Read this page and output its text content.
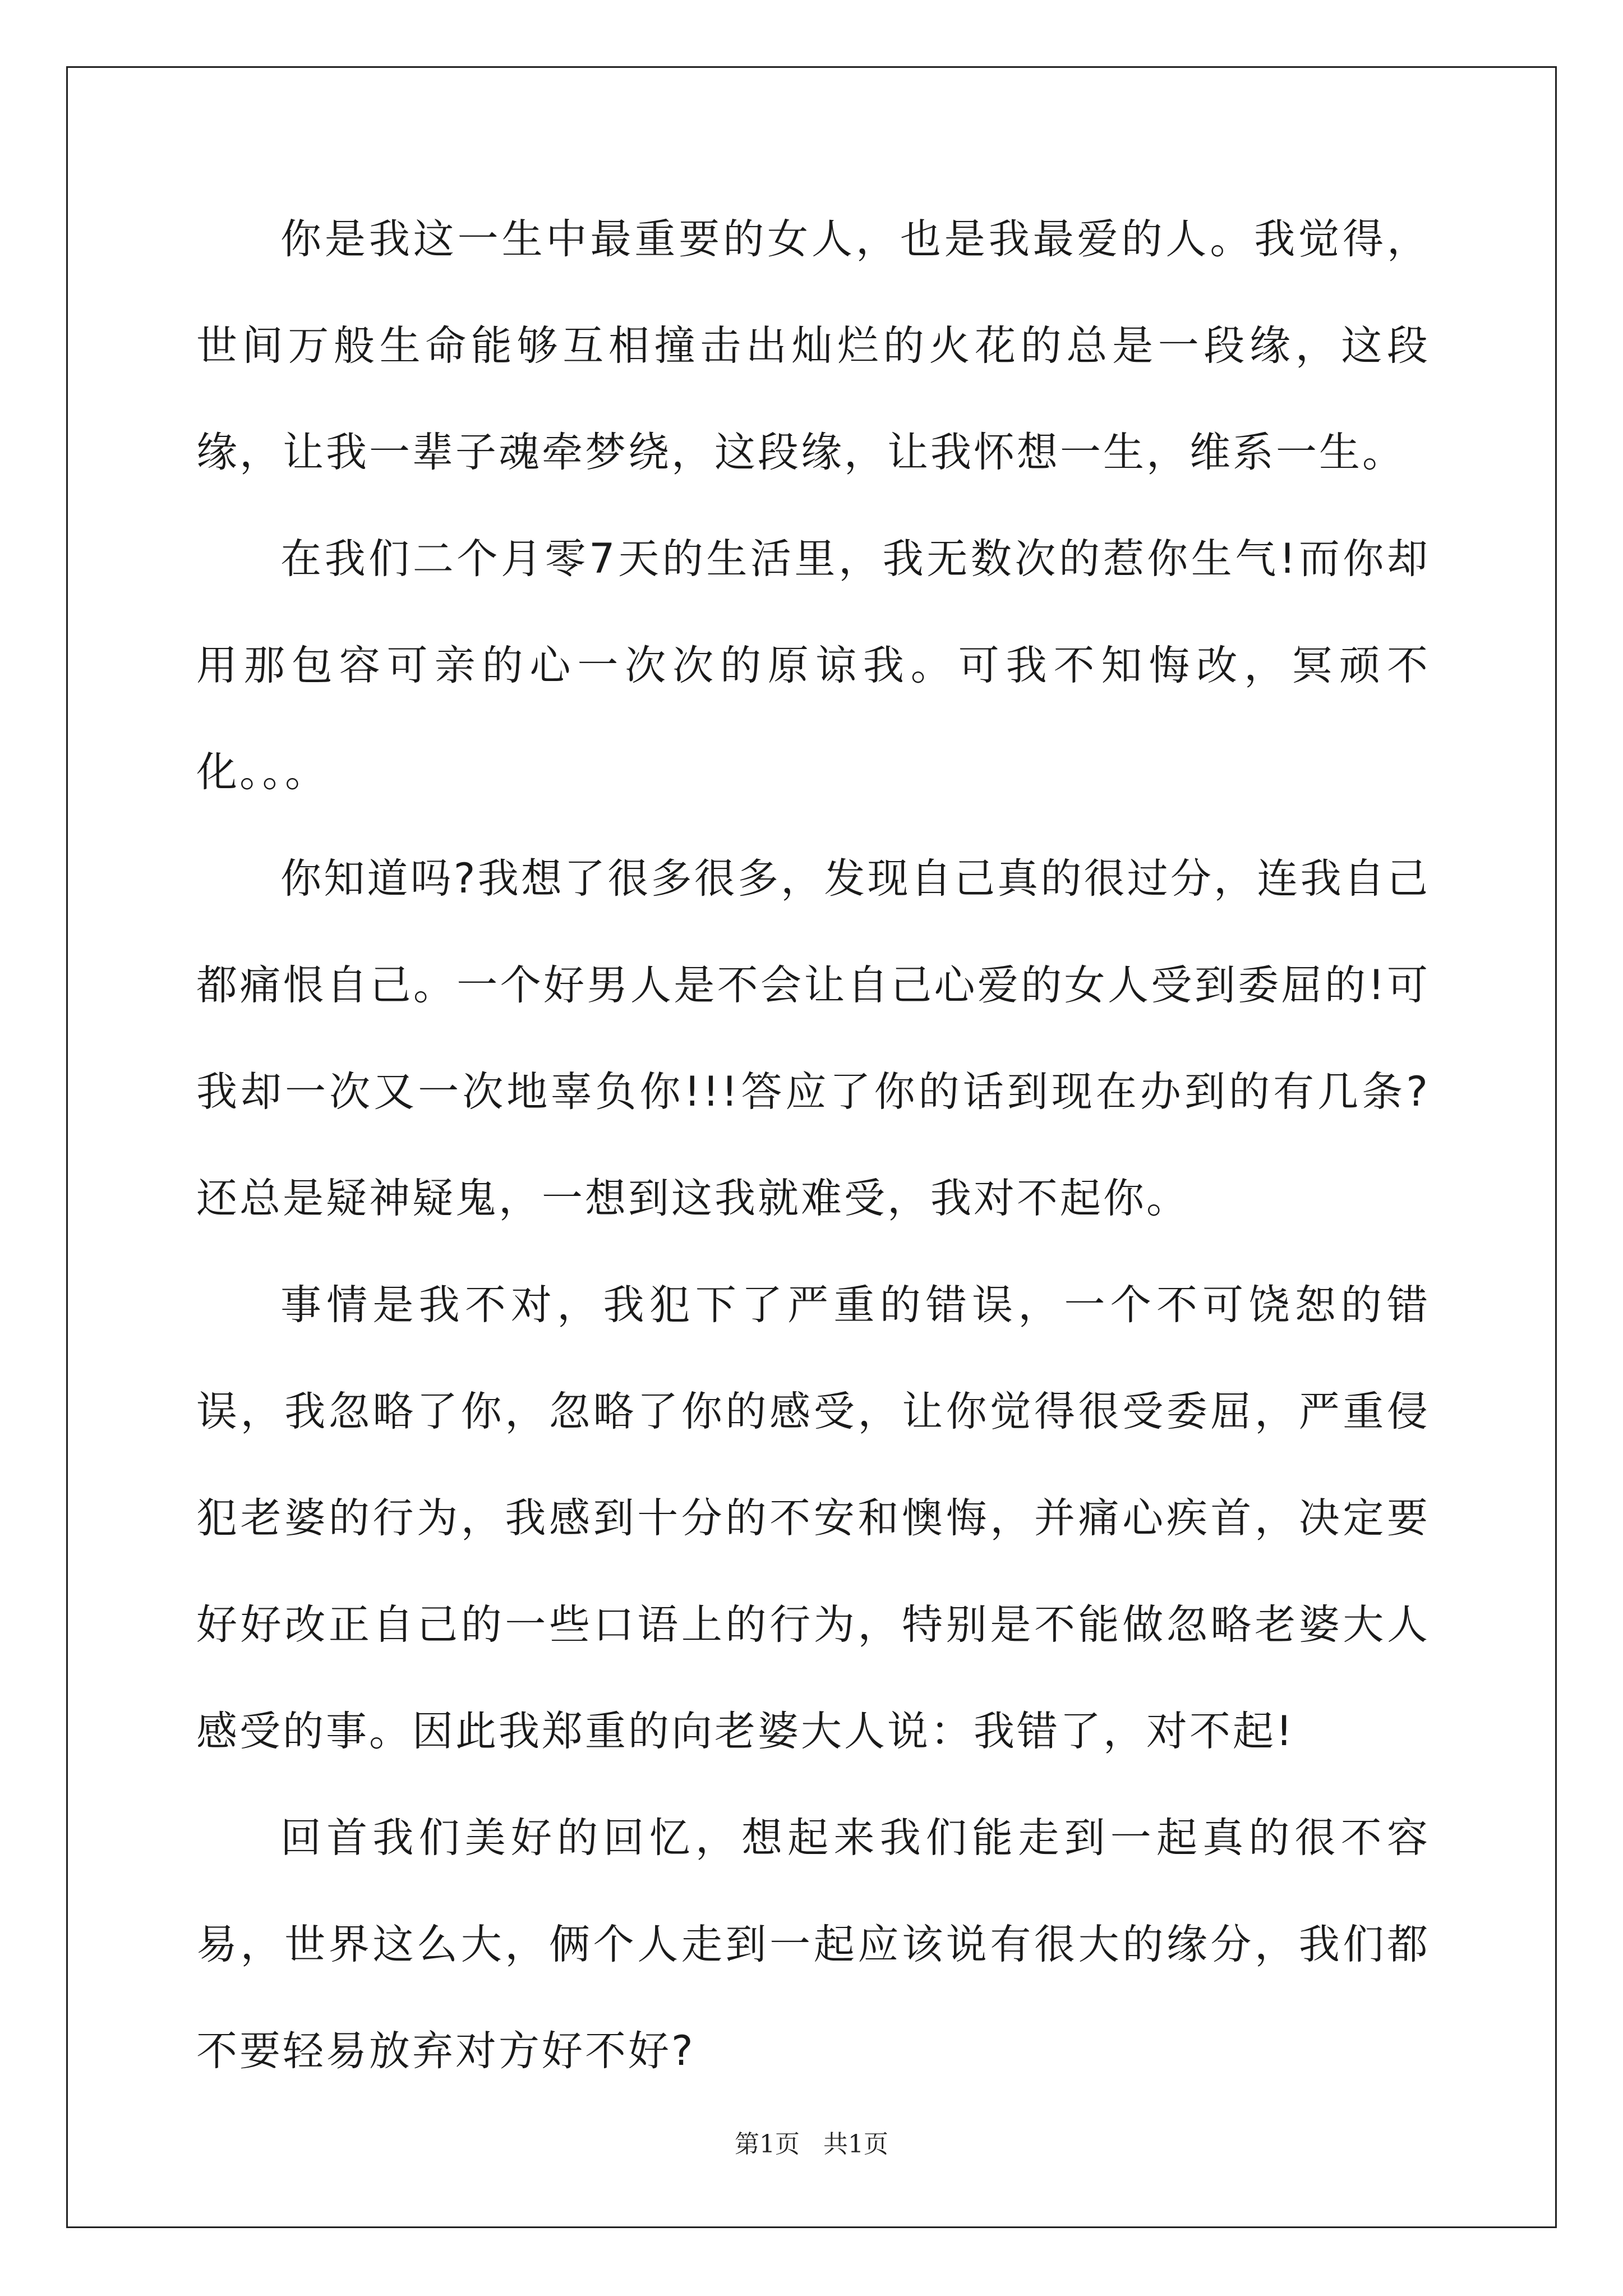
你是我这一生中最重要的女人，也是我最爱的人。我觉得，世间万般生命能够互相撞击出灿烂的火花的总是一段缘，这段缘，让我一辈子魂牵梦绕，这段缘，让我怀想一生，维系一生。

在我们二个月零7天的生活里，我无数次的惹你生气!而你却用那包容可亲的心一次次的原谅我。可我不知悔改，冥顽不化。。。

你知道吗?我想了很多很多，发现自己真的很过分，连我自己都痛恨自己。一个好男人是不会让自己心爱的女人受到委屈的!可我却一次又一次地辜负你!!!答应了你的话到现在办到的有几条?还总是疑神疑鬼，一想到这我就难受，我对不起你。

事情是我不对，我犯下了严重的错误，一个不可饶恕的错误，我忽略了你，忽略了你的感受，让你觉得很受委屈，严重侵犯老婆的行为，我感到十分的不安和懊悔，并痛心疾首，决定要好好改正自己的一些口语上的行为，特别是不能做忽略老婆大人感受的事。因此我郑重的向老婆大人说：我错了，对不起!

回首我们美好的回忆，想起来我们能走到一起真的很不容易，世界这么大，俩个人走到一起应该说有很大的缘分，我们都不要轻易放弃对方好不好?

第1页   共1页
